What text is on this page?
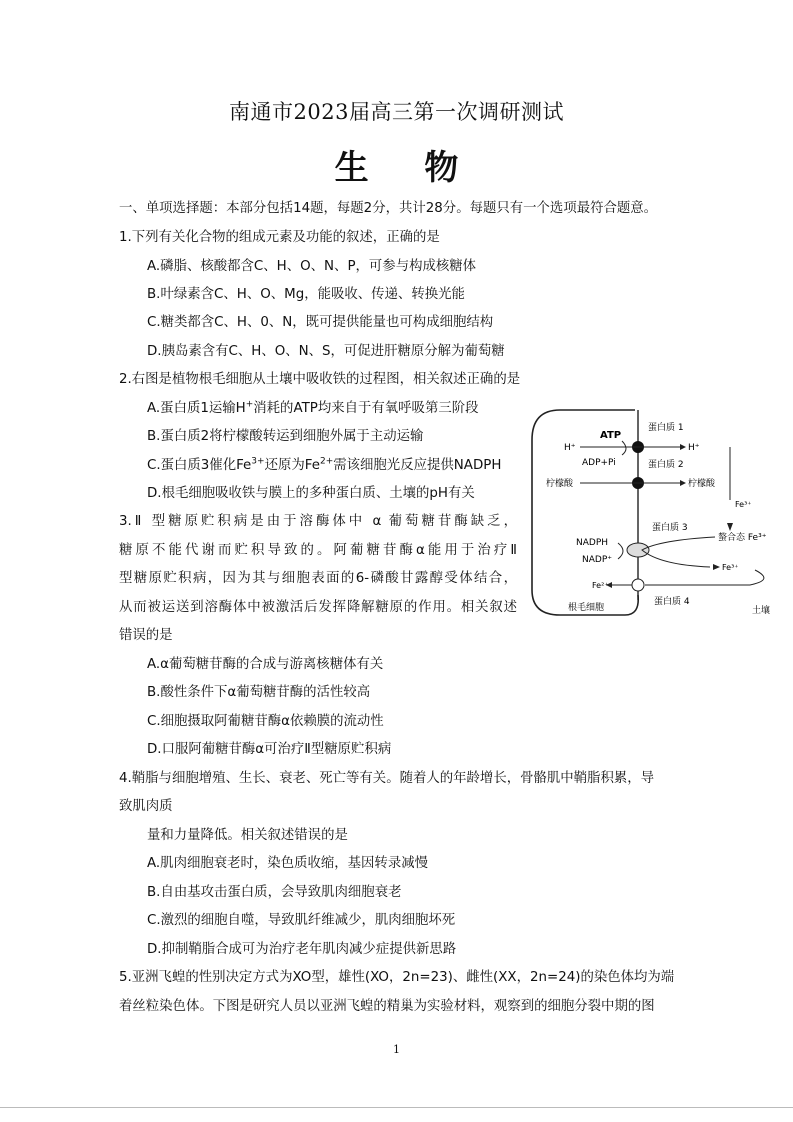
南通市2023届高三第一次调研测试
生 物
一、单项选择题：本部分包括14题，每题2分，共计28分。每题只有一个选项最符合题意。
1.下列有关化合物的组成元素及功能的叙述，正确的是
A.磷脂、核酸都含C、H、O、N、P，可参与构成核糖体
B.叶绿素含C、H、O、Mg，能吸收、传递、转换光能
C.糖类都含C、H、0、N，既可提供能量也可构成细胞结构
D.胰岛素含有C、H、O、N、S，可促进肝糖原分解为葡萄糖
2.右图是植物根毛细胞从土壤中吸收铁的过程图，相关叙述正确的是
A.蛋白质1运输H+消耗的ATP均来自于有氧呼吸第三阶段
B.蛋白质2将柠檬酸转运到细胞外属于主动运输
C.蛋白质3催化$Fe^{3+}$还原为$Fe^{2+}$需该细胞光反应提供NADPH
D.根毛细胞吸收铁与膜上的多种蛋白质、土壤的pH有关
蛋白质 1
ATP
ADP+Pi
H⁺	H⁺
蛋白质 2
柠檬酸	柠檬酸
Fe³⁺
螯合态 Fe³⁺
蛋白质 3
Fe³⁺
NADPH
NADP⁺
蛋白质 4
Fe²⁺
根毛细胞	土壤
3.Ⅱ 型糖原贮积病是由于溶酶体中 α 葡萄糖苷酶缺乏，
糖原不能代谢而贮积导致的。阿葡糖苷酶α能用于治疗Ⅱ
型糖原贮积病，因为其与细胞表面的6-磷酸甘露醇受体结合，
从而被运送到溶酶体中被激活后发挥降解糖原的作用。相关叙述
错误的是
A.α葡萄糖苷酶的合成与游离核糖体有关
B.酸性条件下α葡萄糖苷酶的活性较高
C.细胞摄取阿葡糖苷酶α依赖膜的流动性
D.口服阿葡糖苷酶α可治疗Ⅱ型糖原贮积病
4.鞘脂与细胞增殖、生长、衰老、死亡等有关。随着人的年龄增长，骨骼肌中鞘脂积累，导
致肌肉质
量和力量降低。相关叙述错误的是
A.肌肉细胞衰老时，染色质收缩，基因转录减慢
B.自由基攻击蛋白质，会导致肌肉细胞衰老
C.激烈的细胞自噬，导致肌纤维减少，肌肉细胞坏死
D.抑制鞘脂合成可为治疗老年肌肉减少症提供新思路
5.亚洲飞蝗的性别决定方式为XO型，雄性(XO，2n=23)、雌性(XX，2n=24)的染色体均为端
着丝粒染色体。下图是研究人员以亚洲飞蝗的精巢为实验材料，观察到的细胞分裂中期的图
1
